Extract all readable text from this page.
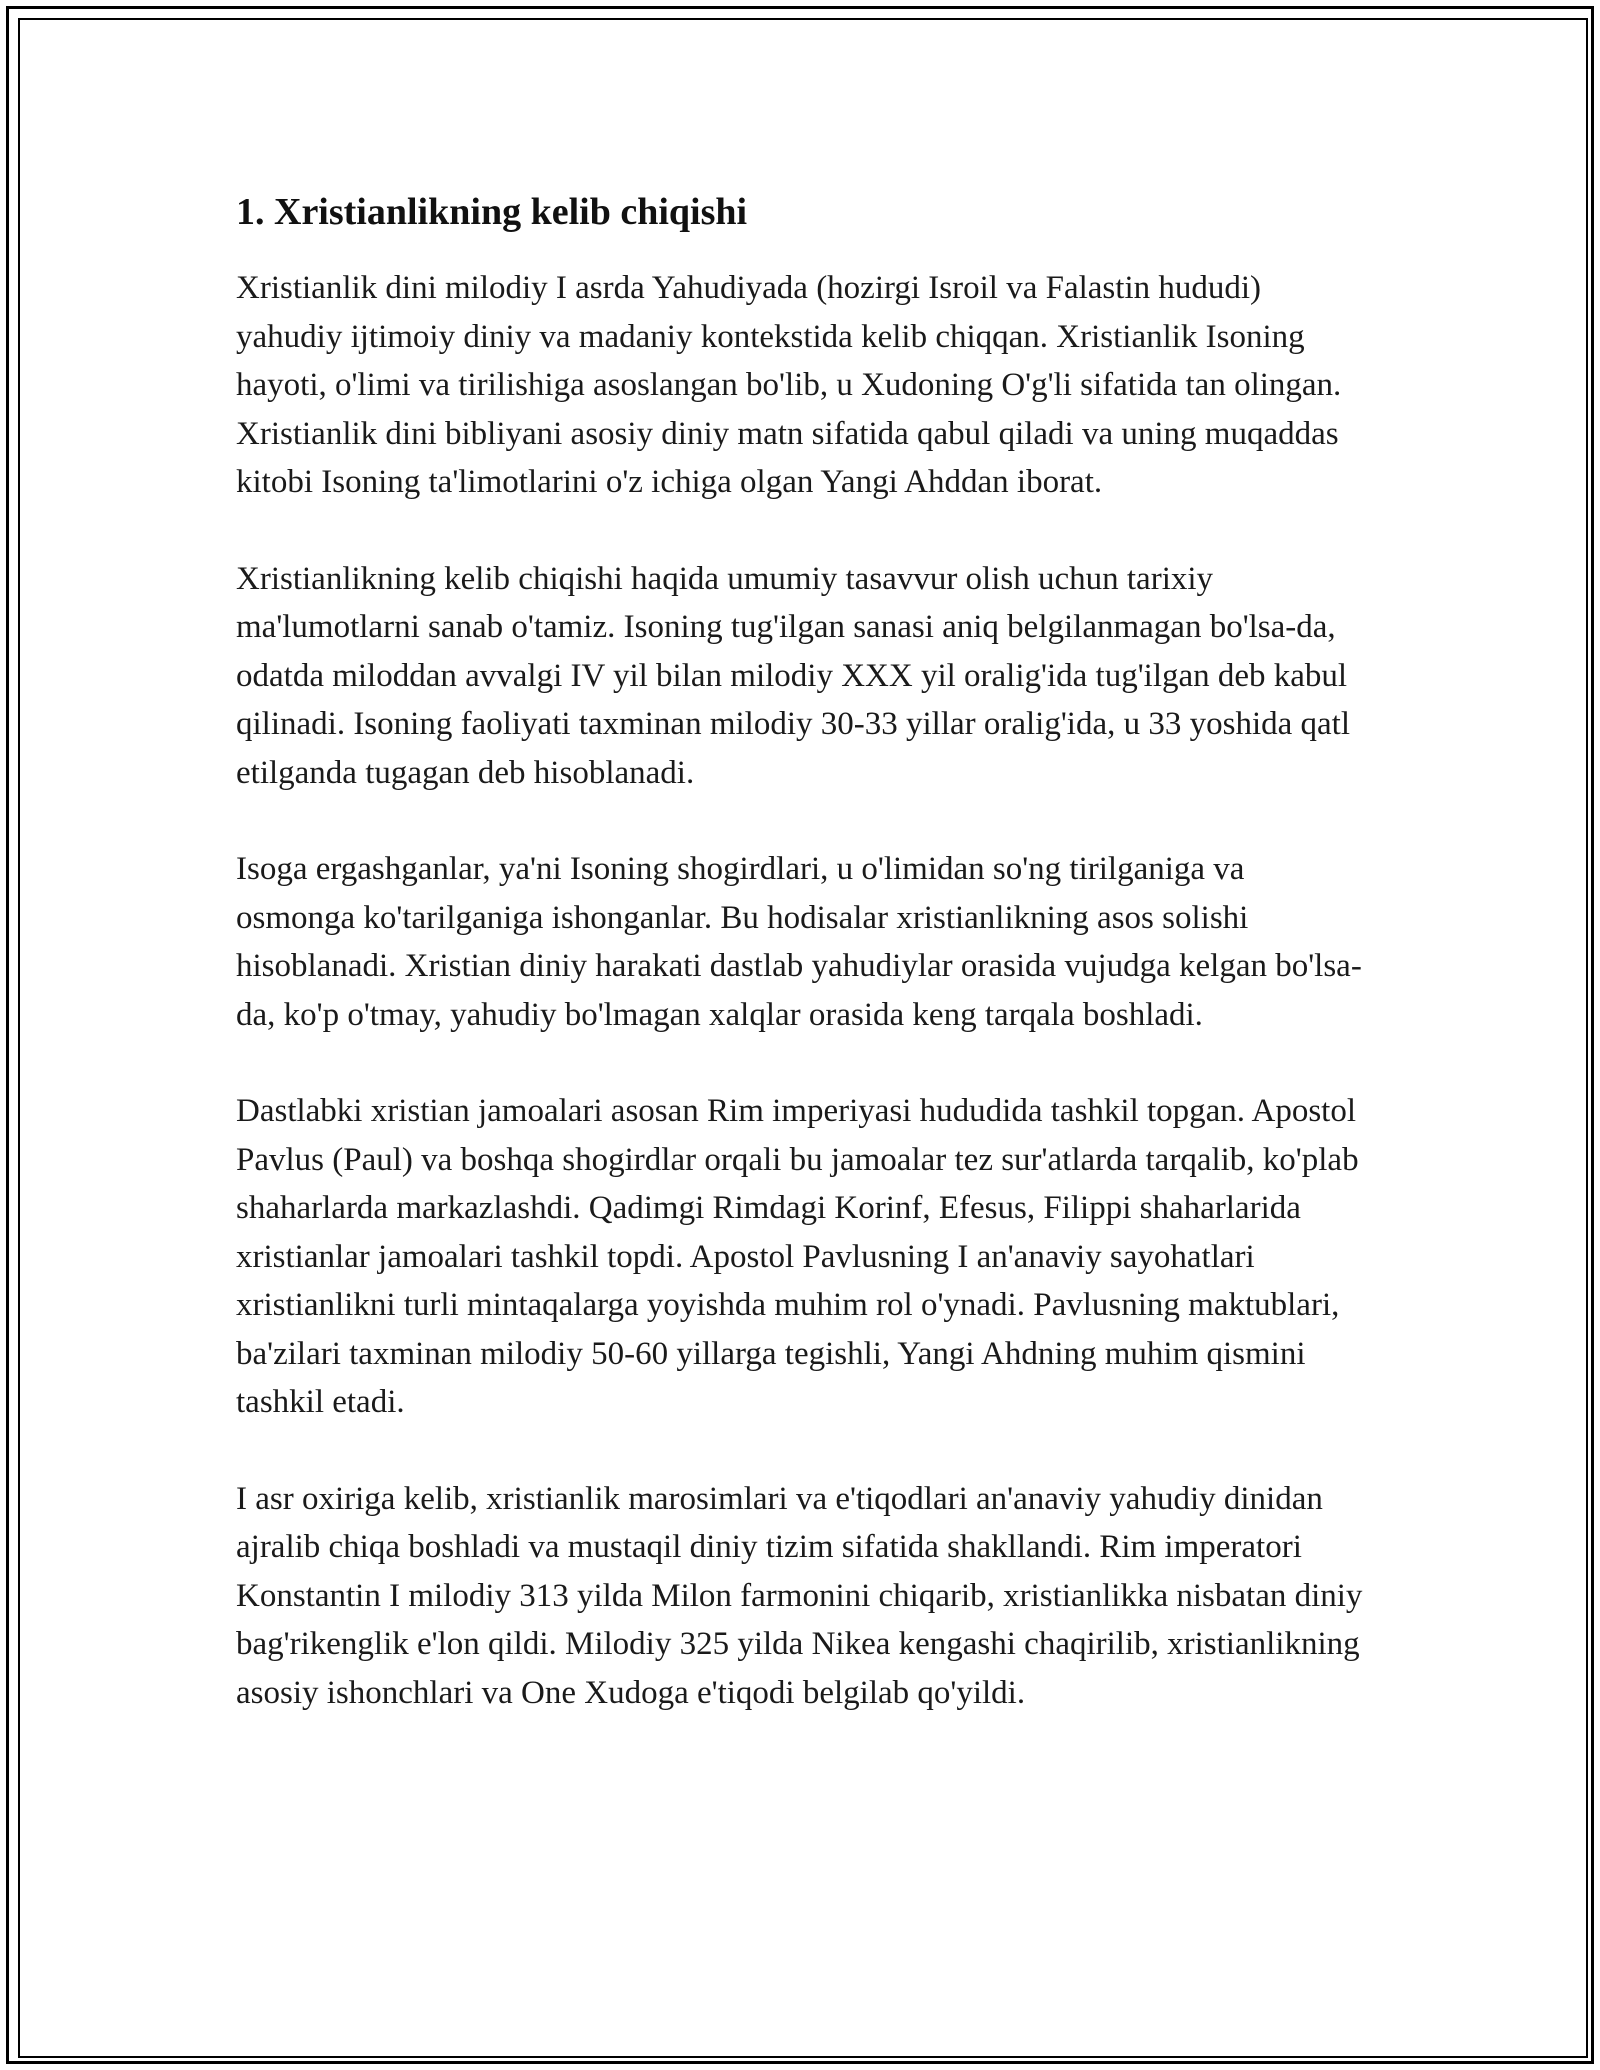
1. Xristianlikning kelib chiqishi

Xristianlik dini milodiy I asrda Yahudiyada (hozirgi Isroil va Falastin hududi) yahudiy ijtimoiy diniy va madaniy kontekstida kelib chiqqan. Xristianlik Isoning hayoti, o'limi va tirilishiga asoslangan bo'lib, u Xudoning O'g'li sifatida tan olingan. Xristianlik dini bibliyani asosiy diniy matn sifatida qabul qiladi va uning muqaddas kitobi Isoning ta'limotlarini o'z ichiga olgan Yangi Ahddan iborat.

Xristianlikning kelib chiqishi haqida umumiy tasavvur olish uchun tarixiy ma'lumotlarni sanab o'tamiz. Isoning tug'ilgan sanasi aniq belgilanmagan bo'lsa-da, odatda miloddan avvalgi IV yil bilan milodiy XXX yil oralig'ida tug'ilgan deb kabul qilinadi. Isoning faoliyati taxminan milodiy 30-33 yillar oralig'ida, u 33 yoshida qatl etilganda tugagan deb hisoblanadi.

Isoga ergashganlar, ya'ni Isoning shogirdlari, u o'limidan so'ng tirilganiga va osmonga ko'tarilganiga ishonganlar. Bu hodisalar xristianlikning asos solishi hisoblanadi. Xristian diniy harakati dastlab yahudiylar orasida vujudga kelgan bo'lsa-da, ko'p o'tmay, yahudiy bo'lmagan xalqlar orasida keng tarqala boshladi.

Dastlabki xristian jamoalari asosan Rim imperiyasi hududida tashkil topgan. Apostol Pavlus (Paul) va boshqa shogirdlar orqali bu jamoalar tez sur'atlarda tarqalib, ko'plab shaharlarda markazlashdi. Qadimgi Rimdagi Korinf, Efesus, Filippi shaharlarida xristianlar jamoalari tashkil topdi. Apostol Pavlusning I an'anaviy sayohatlari xristianlikni turli mintaqalarga yoyishda muhim rol o'ynadi. Pavlusning maktublari, ba'zilari taxminan milodiy 50-60 yillarga tegishli, Yangi Ahdning muhim qismini tashkil etadi.

I asr oxiriga kelib, xristianlik marosimlari va e'tiqodlari an'anaviy yahudiy dinidan ajralib chiqa boshladi va mustaqil diniy tizim sifatida shakllandi. Rim imperatori Konstantin I milodiy 313 yilda Milon farmonini chiqarib, xristianlikka nisbatan diniy bag'rikenglik e'lon qildi. Milodiy 325 yilda Nikea kengashi chaqirilib, xristianlikning asosiy ishonchlari va One Xudoga e'tiqodi belgilab qo'yildi.
